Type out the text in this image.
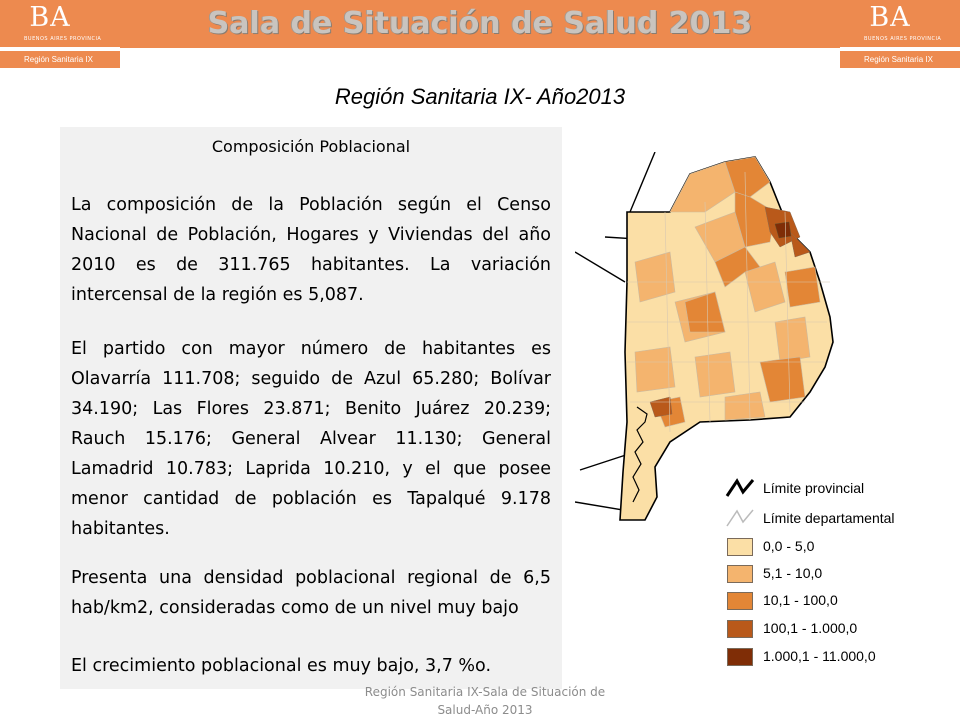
BA
BUENOS AIRES PROVINCIA
Región Sanitaria IX
Sala de Situación de Salud 2013	BA
BUENOS AIRES PROVINCIA
Región Sanitaria IX
Región Sanitaria IX- Año2013
Composición Poblacional

La composición de la Población según el Censo Nacional de Población, Hogares y Viviendas del año 2010 es de 311.765 habitantes. La variación intercensal de la región es 5,087.

El partido con mayor número de habitantes es Olavarría 111.708; seguido de Azul 65.280; Bolívar 34.190; Las Flores 23.871; Benito Juárez 20.239; Rauch 15.176; General Alvear 11.130; General Lamadrid 10.783; Laprida 10.210, y el que posee menor cantidad de población es Tapalqué 9.178 habitantes.

Presenta una densidad poblacional regional de 6,5 hab/km2, consideradas como de un nivel muy bajo

El crecimiento poblacional es muy bajo, 3,7 %o.

Límite provincial
Límite departamental
0,0 - 5,0
5,1 - 10,0
10,1 - 100,0
100,1 - 1.000,0
1.000,1 - 11.000,0
Región Sanitaria IX-Sala de Situación de Salud-Año 2013
